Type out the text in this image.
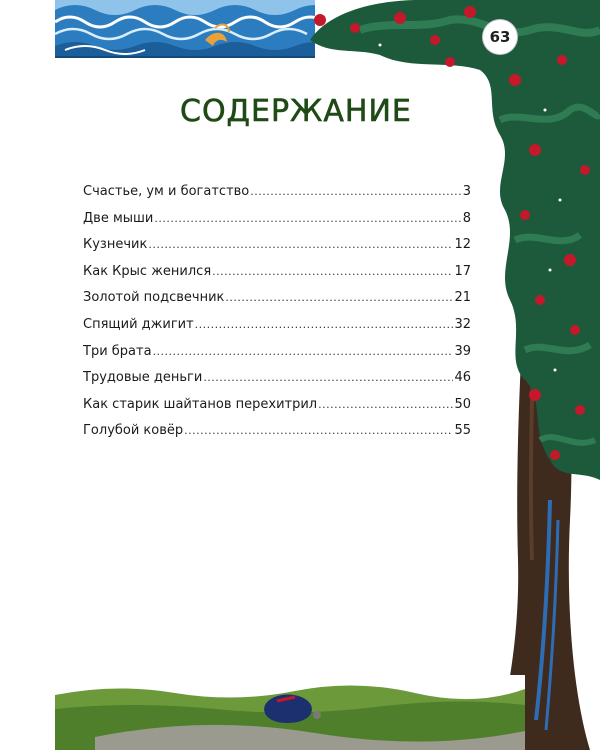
63
СОДЕРЖАНИЕ
Счастье, ум и богатство .....	3
Две мыши .....	8
Кузнечик .....	12
Как Крыс женился .....	17
Золотой подсвечник .....	21
Спящий джигит .....	32
Три брата .....	39
Трудовые деньги .....	46
Как старик шайтанов перехитрил .....	50
Голубой ковёр .....	55
